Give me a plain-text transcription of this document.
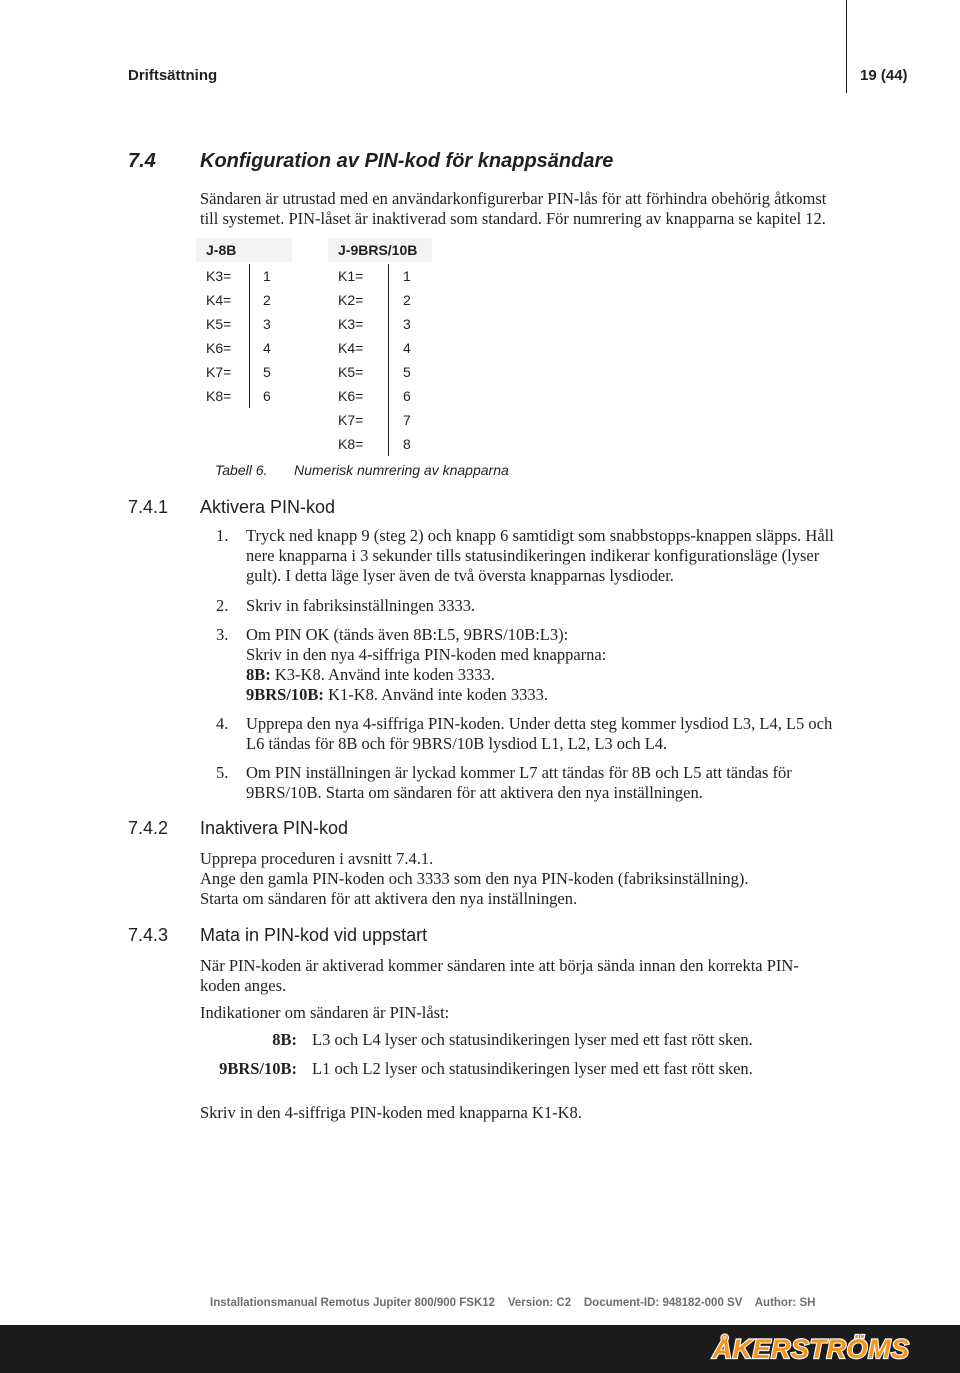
Driftsättning	19 (44)
7.4 Konfiguration av PIN-kod för knappsändare
Sändaren är utrustad med en användarkonfigurerbar PIN-lås för att förhindra obehörig åtkomst
till systemet. PIN-låset är inaktiverad som standard. För numrering av knapparna se kapitel 12.
J-8B
K3= 1
K4= 2
K5= 3
K6= 4
K7= 5
K8= 6
J-9BRS/10B
K1=	1
K2=	2
K3=	3
K4=	4
K5=	5
K6=	6
K7=	7
K8=	8
Tabell 6. Numerisk numrering av knapparna
7.4.1 Aktivera PIN-kod
1. Tryck ned knapp 9 (steg 2) och knapp 6 samtidigt som snabbstopps-knappen släpps. Håll
nere knapparna i 3 sekunder tills statusindikeringen indikerar konfigurationsläge (lyser
gult). I detta läge lyser även de två översta knapparnas lysdioder.
2. Skriv in fabriksinställningen 3333.
3. Om PIN OK (tänds även 8B:L5, 9BRS/10B:L3):
Skriv in den nya 4-siffriga PIN-koden med knapparna:
8B: K3-K8. Använd inte koden 3333.
9BRS/10B: K1-K8. Använd inte koden 3333.
4. Upprepa den nya 4-siffriga PIN-koden. Under detta steg kommer lysdiod L3, L4, L5 och
L6 tändas för 8B och för 9BRS/10B lysdiod L1, L2, L3 och L4.
5. Om PIN inställningen är lyckad kommer L7 att tändas för 8B och L5 att tändas för
9BRS/10B. Starta om sändaren för att aktivera den nya inställningen.
7.4.2 Inaktivera PIN-kod
Upprepa proceduren i avsnitt 7.4.1.
Ange den gamla PIN-koden och 3333 som den nya PIN-koden (fabriksinställning).
Starta om sändaren för att aktivera den nya inställningen.
7.4.3 Mata in PIN-kod vid uppstart
När PIN-koden är aktiverad kommer sändaren inte att börja sända innan den korrekta PIN-
koden anges.
Indikationer om sändaren är PIN-låst:
8B: L3 och L4 lyser och statusindikeringen lyser med ett fast rött sken.
9BRS/10B: L1 och L2 lyser och statusindikeringen lyser med ett fast rött sken.
Skriv in den 4-siffriga PIN-koden med knapparna K1-K8.
Installationsmanual Remotus Jupiter 800/900 FSK12    Version: C2    Document-ID: 948182-000 SV    Author: SH
ÅKERSTRÖMS
